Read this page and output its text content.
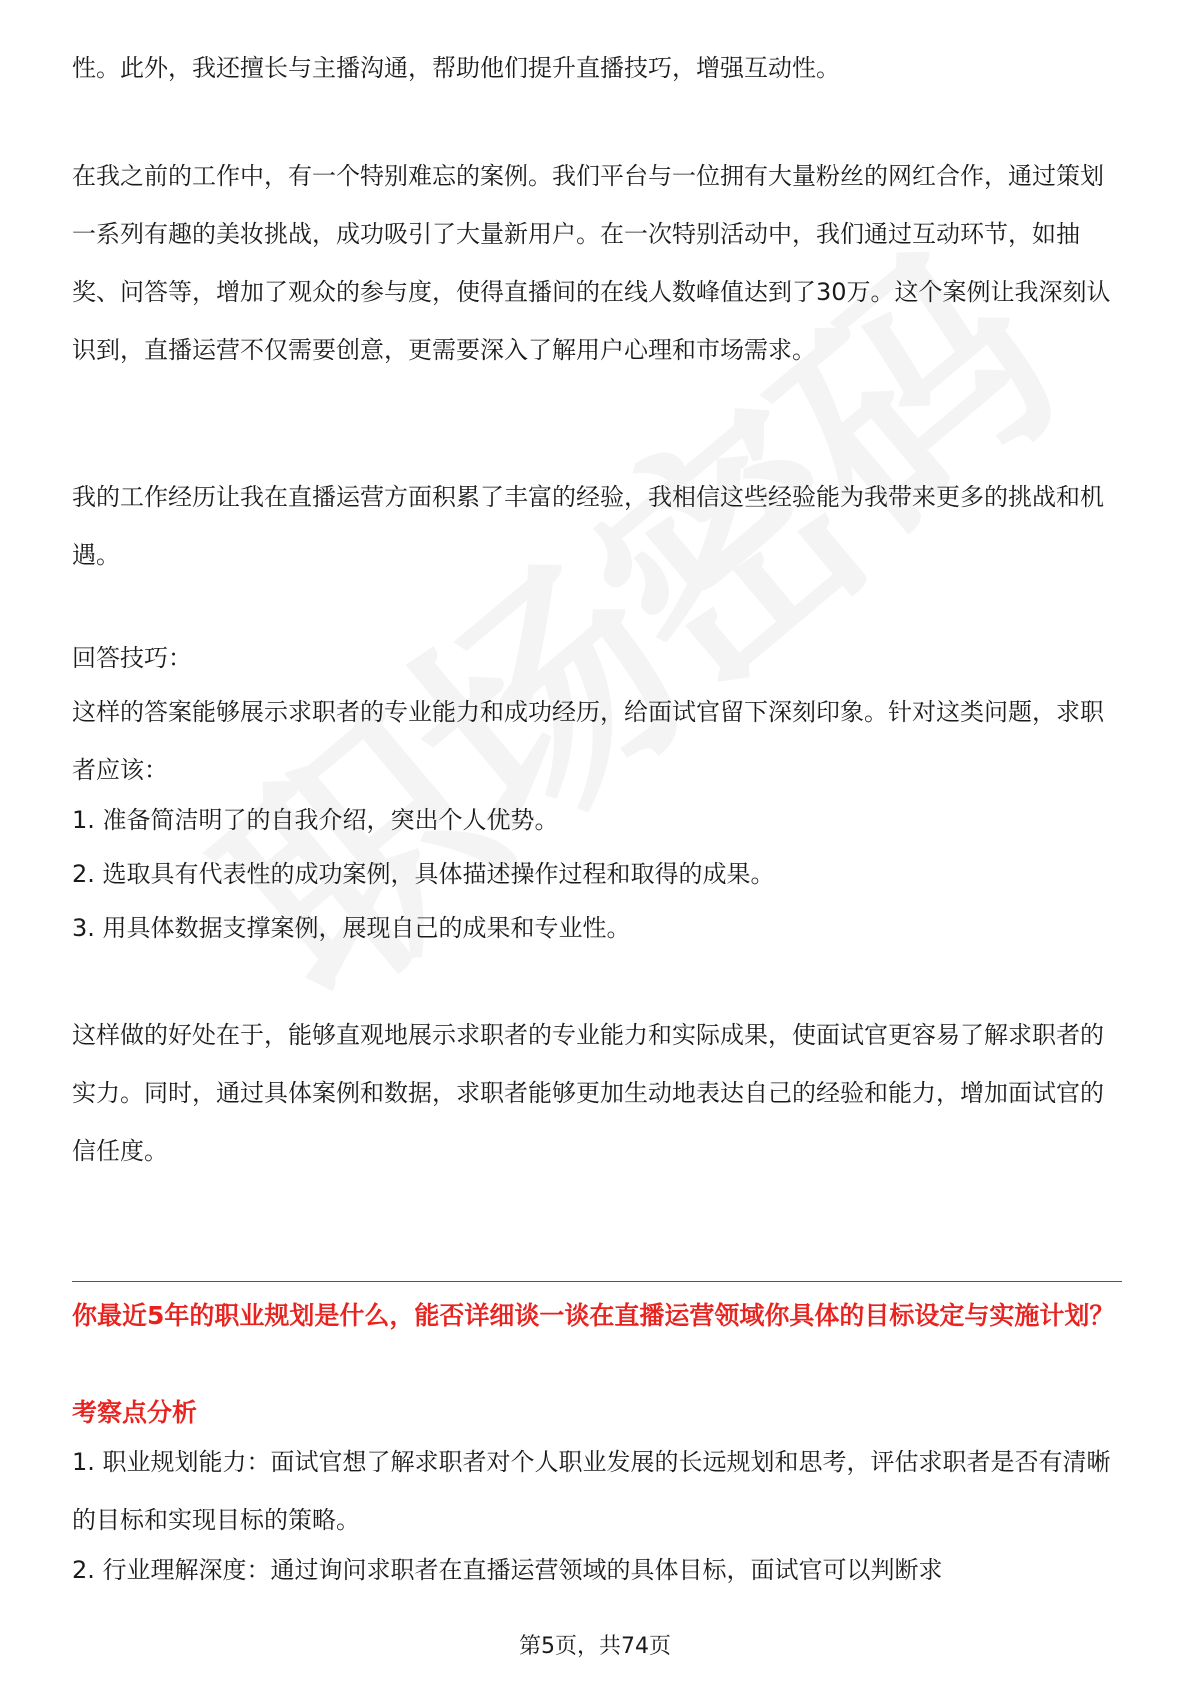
性。此外，我还擅长与主播沟通，帮助他们提升直播技巧，增强互动性。

在我之前的工作中，有一个特别难忘的案例。我们平台与一位拥有大量粉丝的网红合作，通过策划一系列有趣的美妆挑战，成功吸引了大量新用户。在一次特别活动中，我们通过互动环节，如抽奖、问答等，增加了观众的参与度，使得直播间的在线人数峰值达到了30万。这个案例让我深刻认识到，直播运营不仅需要创意，更需要深入了解用户心理和市场需求。

我的工作经历让我在直播运营方面积累了丰富的经验，我相信这些经验能为我带来更多的挑战和机遇。

回答技巧：

这样的答案能够展示求职者的专业能力和成功经历，给面试官留下深刻印象。针对这类问题，求职者应该：

1. 准备简洁明了的自我介绍，突出个人优势。

2. 选取具有代表性的成功案例，具体描述操作过程和取得的成果。

3. 用具体数据支撑案例，展现自己的成果和专业性。

这样做的好处在于，能够直观地展示求职者的专业能力和实际成果，使面试官更容易了解求职者的实力。同时，通过具体案例和数据，求职者能够更加生动地表达自己的经验和能力，增加面试官的信任度。

你最近5年的职业规划是什么，能否详细谈一谈在直播运营领域你具体的目标设定与实施计划？

考察点分析

1. 职业规划能力：面试官想了解求职者对个人职业发展的长远规划和思考，评估求职者是否有清晰的目标和实现目标的策略。

2. 行业理解深度：通过询问求职者在直播运营领域的具体目标，面试官可以判断求

第5页，共74页
